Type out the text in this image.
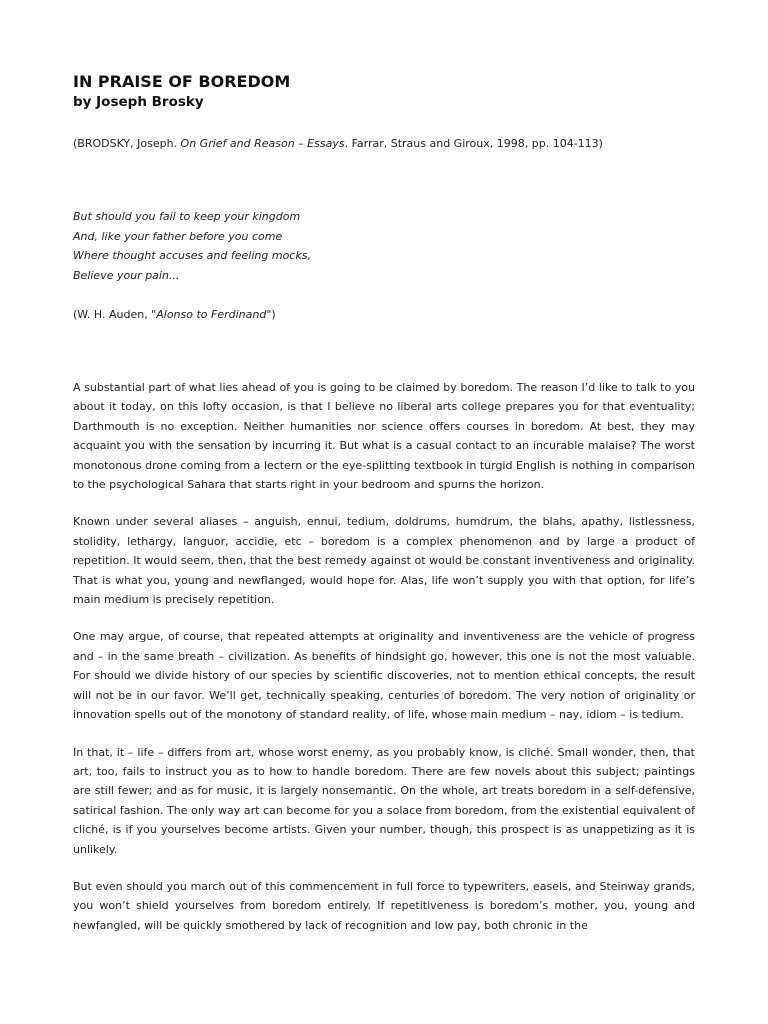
IN PRAISE OF BOREDOM
by Joseph Brosky

(BRODSKY, Joseph. On Grief and Reason – Essays. Farrar, Straus and Giroux, 1998, pp. 104-113)

But should you fail to keep your kingdom
And, like your father before you come
Where thought accuses and feeling mocks,
Believe your pain...

(W. H. Auden, "Alonso to Ferdinand")

A substantial part of what lies ahead of you is going to be claimed by boredom. The reason I’d like to talk to you about it today, on this lofty occasion, is that I believe no liberal arts college prepares you for that eventuality; Darthmouth is no exception. Neither humanities nor science offers courses in boredom. At best, they may acquaint you with the sensation by incurring it. But what is a casual contact to an incurable malaise? The worst monotonous drone coming from a lectern or the eye-splitting textbook in turgid English is nothing in comparison to the psychological Sahara that starts right in your bedroom and spurns the horizon.

Known under several aliases – anguish, ennui, tedium, doldrums, humdrum, the blahs, apathy, listlessness, stolidity, lethargy, languor, accidie, etc – boredom is a complex phenomenon and by large a product of repetition. It would seem, then, that the best remedy against ot would be constant inventiveness and originality. That is what you, young and newflanged, would hope for. Alas, life won’t supply you with that option, for life’s main medium is precisely repetition.

One may argue, of course, that repeated attempts at originality and inventiveness are the vehicle of progress and – in the same breath – civilization. As benefits of hindsight go, however, this one is not the most valuable. For should we divide history of our species by scientific discoveries, not to mention ethical concepts, the result will not be in our favor. We’ll get, technically speaking, centuries of boredom. The very notion of originality or innovation spells out of the monotony of standard reality, of life, whose main medium – nay, idiom – is tedium.

In that, it – life – differs from art, whose worst enemy, as you probably know, is cliché. Small wonder, then, that art, too, fails to instruct you as to how to handle boredom. There are few novels about this subject; paintings are still fewer; and as for music, it is largely nonsemantic. On the whole, art treats boredom in a self-defensive, satirical fashion. The only way art can become for you a solace from boredom, from the existential equivalent of cliché, is if you yourselves become artists. Given your number, though, this prospect is as unappetizing as it is unlikely.

But even should you march out of this commencement in full force to typewriters, easels, and Steinway grands, you won’t shield yourselves from boredom entirely. If repetitiveness is boredom’s mother, you, young and newfangled, will be quickly smothered by lack of recognition and low pay, both chronic in the
